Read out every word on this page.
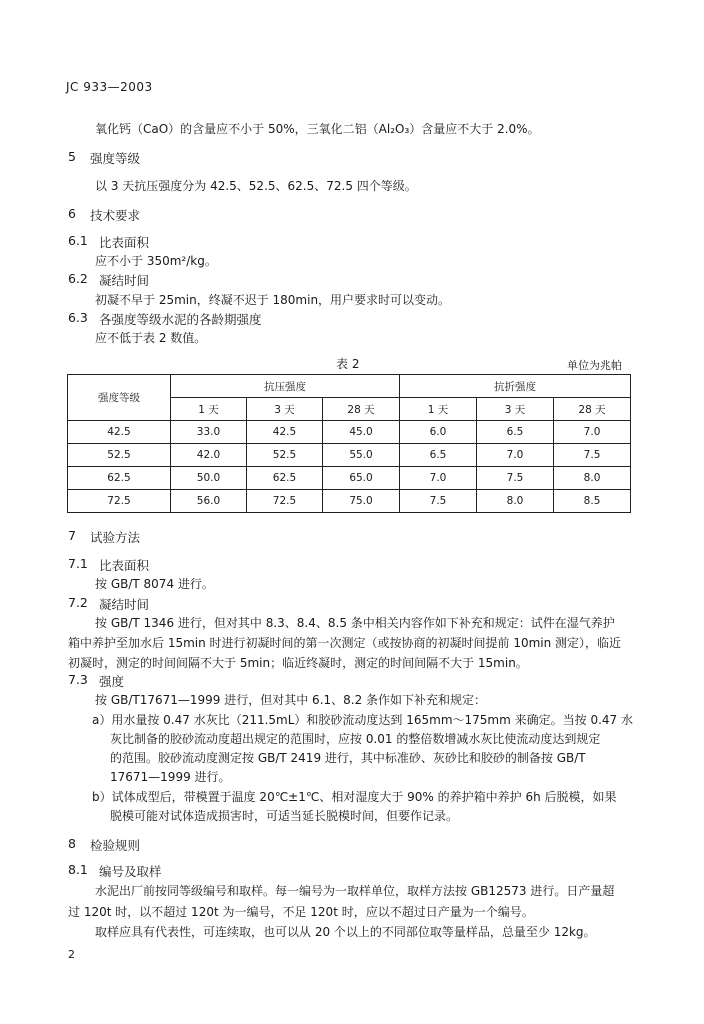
JC 933—2003
氧化钙（CaO）的含量应不小于 50%，三氧化二铝（Al₂O₃）含量应不大于 2.0%。
5 强度等级
以 3 天抗压强度分为 42.5、52.5、62.5、72.5 四个等级。
6 技术要求
6.1 比表面积
应不小于 350m²/kg。
6.2 凝结时间
初凝不早于 25min，终凝不迟于 180min，用户要求时可以变动。
6.3 各强度等级水泥的各龄期强度
应不低于表 2 数值。
表 2	单位为兆帕
强度等级	抗压强度			抗折强度		
	1 天	3 天	28 天	1 天	3 天	28 天
42.5	33.0	42.5	45.0	6.0	6.5	7.0
52.5	42.0	52.5	55.0	6.5	7.0	7.5
62.5	50.0	62.5	65.0	7.0	7.5	8.0
72.5	56.0	72.5	75.0	7.5	8.0	8.5
7 试验方法
7.1 比表面积
按 GB/T 8074 进行。
7.2 凝结时间
按 GB/T 1346 进行，但对其中 8.3、8.4、8.5 条中相关内容作如下补充和规定：试件在湿气养护
箱中养护至加水后 15min 时进行初凝时间的第一次测定（或按协商的初凝时间提前 10min 测定），临近
初凝时，测定的时间间隔不大于 5min；临近终凝时，测定的时间间隔不大于 15min。
7.3 强度
按 GB/T17671—1999 进行，但对其中 6.1、8.2 条作如下补充和规定：
a）用水量按 0.47 水灰比（211.5mL）和胶砂流动度达到 165mm～175mm 来确定。当按 0.47 水
灰比制备的胶砂流动度超出规定的范围时，应按 0.01 的整倍数增减水灰比使流动度达到规定
的范围。胶砂流动度测定按 GB/T 2419 进行，其中标准砂、灰砂比和胶砂的制备按 GB/T
17671—1999 进行。
b）试体成型后，带模置于温度 20℃±1℃、相对湿度大于 90% 的养护箱中养护 6h 后脱模，如果
脱模可能对试体造成损害时，可适当延长脱模时间，但要作记录。
8 检验规则
8.1 编号及取样
水泥出厂前按同等级编号和取样。每一编号为一取样单位，取样方法按 GB12573 进行。日产量超
过 120t 时，以不超过 120t 为一编号，不足 120t 时，应以不超过日产量为一个编号。
取样应具有代表性，可连续取，也可以从 20 个以上的不同部位取等量样品，总量至少 12kg。
2
